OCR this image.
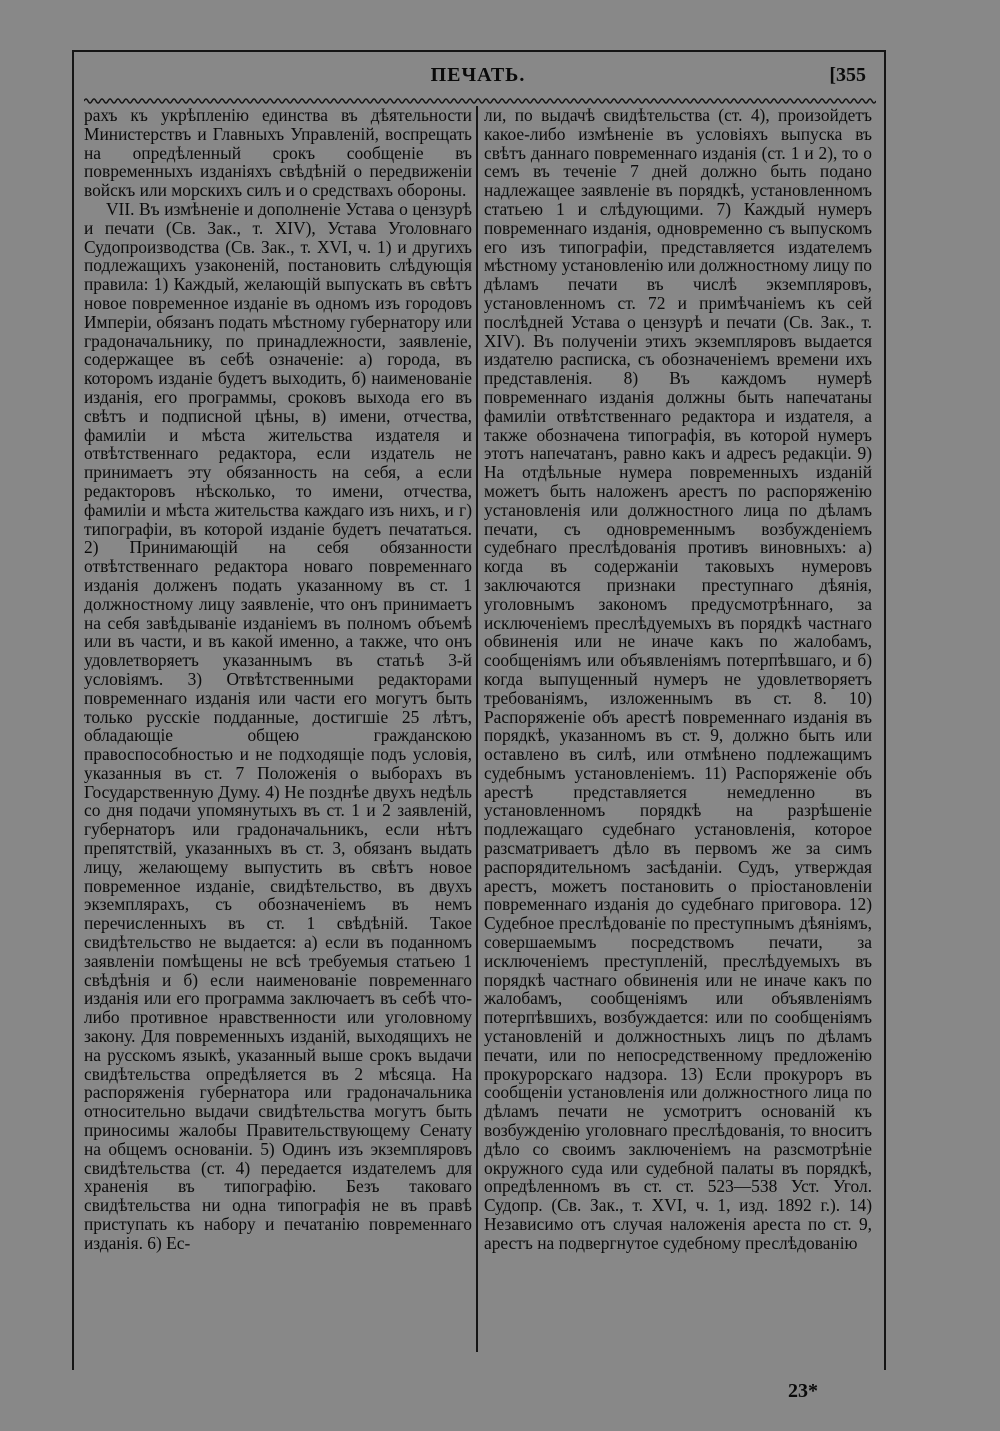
ПЕЧАТЬ.	[355

рахъ къ укрѣпленію единства въ дѣятельности Министерствъ и Главныхъ Управленій, воспрещать на опредѣленный срокъ сообщеніе въ повременныхъ изданіяхъ свѣдѣній о передвиженіи войскъ или морскихъ силъ и о средствахъ обороны.

VII. Въ измѣненіе и дополненіе Устава о цензурѣ и печати (Св. Зак., т. XIV), Устава Уголовнаго Судопроизводства (Св. Зак., т. XVI, ч. 1) и другихъ подлежащихъ узаконеній, постановить слѣдующія правила: 1) Каждый, желающій выпускать въ свѣтъ новое повременное изданіе въ одномъ изъ городовъ Имперіи, обязанъ подать мѣстному губернатору или градоначальнику, по принадлежности, заявленіе, содержащее въ себѣ означеніе: а) города, въ которомъ изданіе будетъ выходить, б) наименованіе изданія, его программы, сроковъ выхода его въ свѣтъ и подписной цѣны, в) имени, отчества, фамиліи и мѣста жительства издателя и отвѣтственнаго редактора, если издатель не принимаетъ эту обязанность на себя, а если редакторовъ нѣсколько, то имени, отчества, фамиліи и мѣста жительства каждаго изъ нихъ, и г) типографіи, въ которой изданіе будетъ печататься. 2) Принимающій на себя обязанности отвѣтственнаго редактора новаго повременнаго изданія долженъ подать указанному въ ст. 1 должностному лицу заявленіе, что онъ принимаетъ на себя завѣдываніе изданіемъ въ полномъ объемѣ или въ части, и въ какой именно, а также, что онъ удовлетворяетъ указаннымъ въ статьѣ 3-й условіямъ. 3) Отвѣтственными редакторами повременнаго изданія или части его могутъ быть только русскіе подданные, достигшіе 25 лѣтъ, обладающіе общею гражданскою правоспособностью и не подходящіе подъ условія, указанныя въ ст. 7 Положенія о выборахъ въ Государственную Думу. 4) Не позднѣе двухъ недѣль со дня подачи упомянутыхъ въ ст. 1 и 2 заявленій, губернаторъ или градоначальникъ, если нѣтъ препятствій, указанныхъ въ ст. 3, обязанъ выдать лицу, желающему выпустить въ свѣтъ новое повременное изданіе, свидѣтельство, въ двухъ экземплярахъ, съ обозначеніемъ въ немъ перечисленныхъ въ ст. 1 свѣдѣній. Такое свидѣтельство не выдается: а) если въ поданномъ заявленіи помѣщены не всѣ требуемыя статьею 1 свѣдѣнія и б) если наименованіе повременнаго изданія или его программа заключаетъ въ себѣ что-либо противное нравственности или уголовному закону. Для повременныхъ изданій, выходящихъ не на русскомъ языкѣ, указанный выше срокъ выдачи свидѣтельства опредѣляется въ 2 мѣсяца. На распоряженія губернатора или градоначальника относительно выдачи свидѣтельства могутъ быть приносимы жалобы Правительствующему Сенату на общемъ основаніи. 5) Одинъ изъ экземпляровъ свидѣтельства (ст. 4) передается издателемъ для храненія въ типографію. Безъ таковаго свидѣтельства ни одна типографія не въ правѣ приступать къ набору и печатанію повременнаго изданія. 6) Ес-

ли, по выдачѣ свидѣтельства (ст. 4), произойдетъ какое-либо измѣненіе въ условіяхъ выпуска въ свѣтъ даннаго повременнаго изданія (ст. 1 и 2), то о семъ въ теченіе 7 дней должно быть подано надлежащее заявленіе въ порядкѣ, установленномъ статьею 1 и слѣдующими. 7) Каждый нумеръ повременнаго изданія, одновременно съ выпускомъ его изъ типографіи, представляется издателемъ мѣстному установленію или должностному лицу по дѣламъ печати въ числѣ экземпляровъ, установленномъ ст. 72 и примѣчаніемъ къ сей послѣдней Устава о цензурѣ и печати (Св. Зак., т. XIV). Въ полученіи этихъ экземпляровъ выдается издателю расписка, съ обозначеніемъ времени ихъ представленія. 8) Въ каждомъ нумерѣ повременнаго изданія должны быть напечатаны фамиліи отвѣтственнаго редактора и издателя, а также обозначена типографія, въ которой нумеръ этотъ напечатанъ, равно какъ и адресъ редакціи. 9) На отдѣльные нумера повременныхъ изданій можетъ быть наложенъ арестъ по распоряженію установленія или должностного лица по дѣламъ печати, съ одновременнымъ возбужденіемъ судебнаго преслѣдованія противъ виновныхъ: а) когда въ содержаніи таковыхъ нумеровъ заключаются признаки преступнаго дѣянія, уголовнымъ закономъ предусмотрѣннаго, за исключеніемъ преслѣдуемыхъ въ порядкѣ частнаго обвиненія или не иначе какъ по жалобамъ, сообщеніямъ или объявленіямъ потерпѣвшаго, и б) когда выпущенный нумеръ не удовлетворяетъ требованіямъ, изложеннымъ въ ст. 8. 10) Распоряженіе объ арестѣ повременнаго изданія въ порядкѣ, указанномъ въ ст. 9, должно быть или оставлено въ силѣ, или отмѣнено подлежащимъ судебнымъ установленіемъ. 11) Распоряженіе объ арестѣ представляется немедленно въ установленномъ порядкѣ на разрѣшеніе подлежащаго судебнаго установленія, которое разсматриваетъ дѣло въ первомъ же за симъ распорядительномъ засѣданіи. Судъ, утверждая арестъ, можетъ постановить о пріостановленіи повременнаго изданія до судебнаго приговора. 12) Судебное преслѣдованіе по преступнымъ дѣяніямъ, совершаемымъ посредствомъ печати, за исключеніемъ преступленій, преслѣдуемыхъ въ порядкѣ частнаго обвиненія или не иначе какъ по жалобамъ, сообщеніямъ или объявленіямъ потерпѣвшихъ, возбуждается: или по сообщеніямъ установленій и должностныхъ лицъ по дѣламъ печати, или по непосредственному предложенію прокурорскаго надзора. 13) Если прокуроръ въ сообщеніи установленія или должностного лица по дѣламъ печати не усмотритъ основаній къ возбужденію уголовнаго преслѣдованія, то вноситъ дѣло со своимъ заключеніемъ на разсмотрѣніе окружного суда или судебной палаты въ порядкѣ, опредѣленномъ въ ст. ст. 523—538 Уст. Угол. Судопр. (Св. Зак., т. XVI, ч. 1, изд. 1892 г.). 14) Независимо отъ случая наложенія ареста по ст. 9, арестъ на подвергнутое судебному преслѣдованію

23*
